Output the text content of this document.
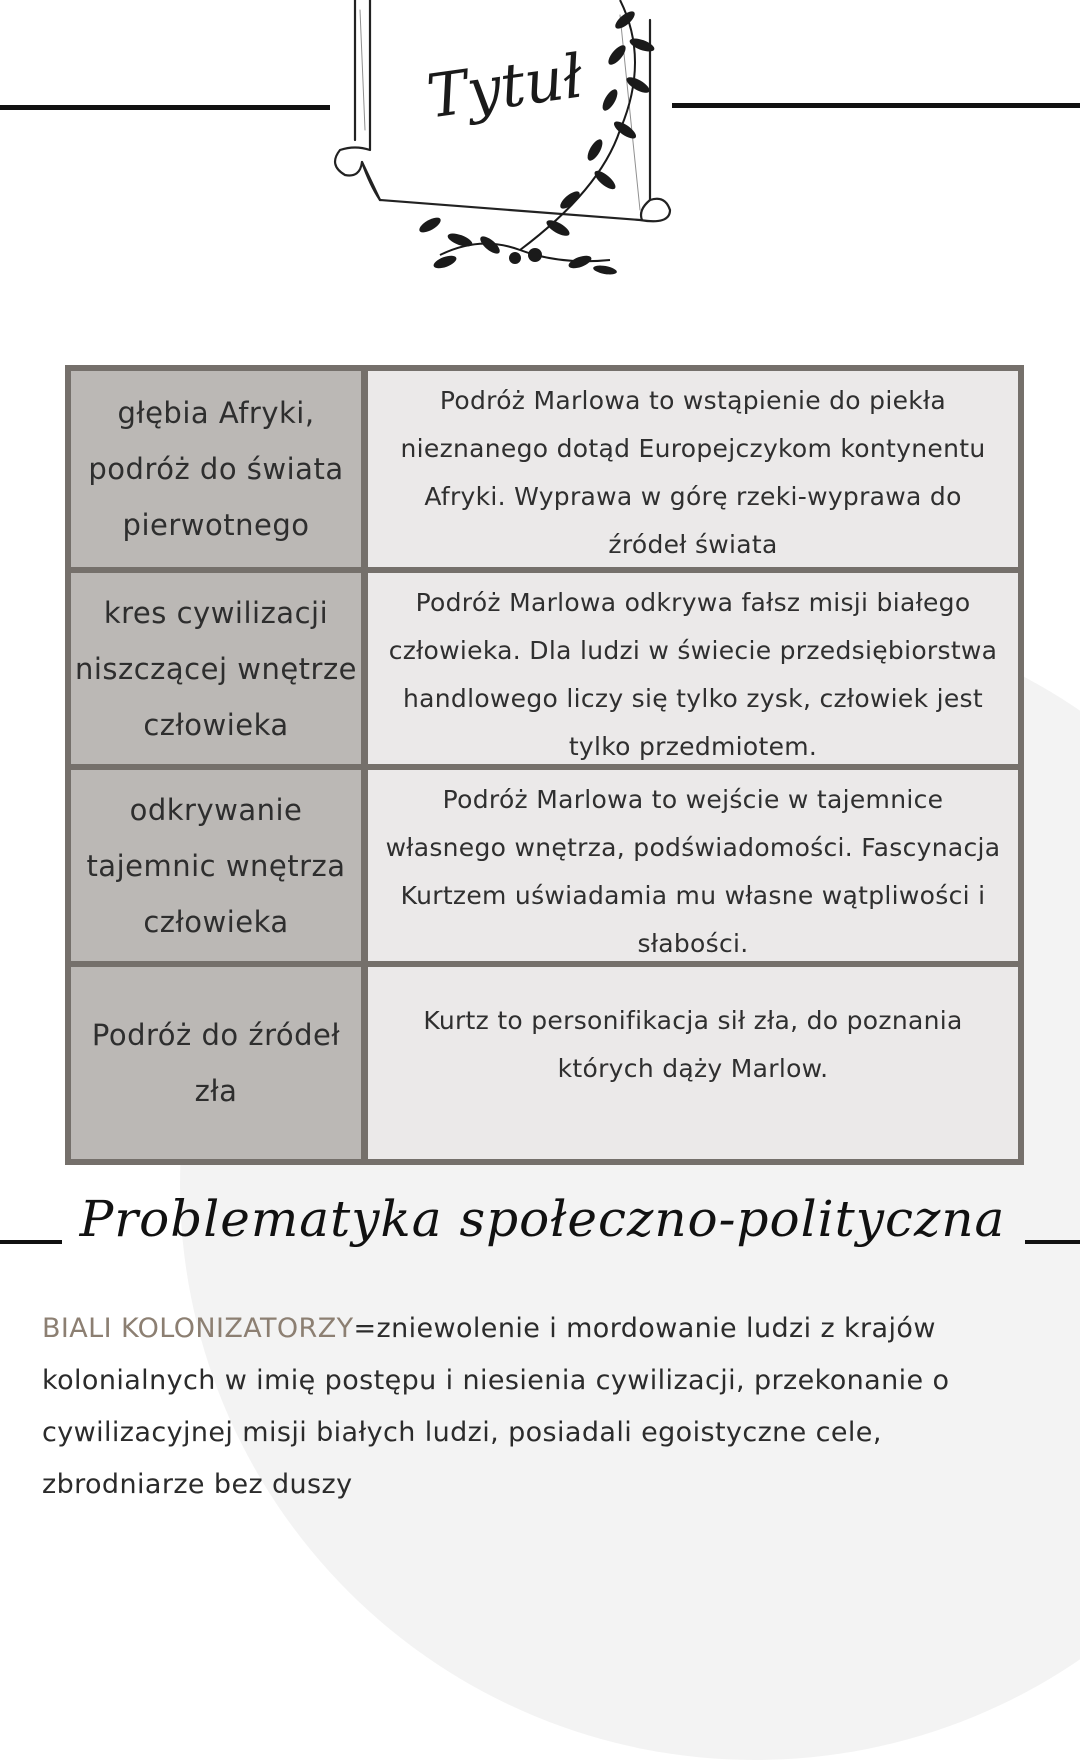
Tytuł
głębia Afryki, podróż do świata pierwotnego
Podróż Marlowa to wstąpienie do piekła nieznanego dotąd Europejczykom kontynentu Afryki. Wyprawa w górę rzeki-wyprawa do źródeł świata
kres cywilizacji niszczącej wnętrze człowieka
Podróż Marlowa odkrywa fałsz misji białego człowieka. Dla ludzi w świecie przedsiębiorstwa handlowego liczy się tylko zysk, człowiek jest tylko przedmiotem.
odkrywanie tajemnic wnętrza człowieka
Podróż Marlowa to wejście w tajemnice własnego wnętrza, podświadomości. Fascynacja Kurtzem uświadamia mu własne wątpliwości i słabości.
Podróż do źródeł zła
Kurtz to personifikacja sił zła, do poznania których dąży Marlow.
Problematyka społeczno-polityczna
BIALI KOLONIZATORZY=zniewolenie i mordowanie ludzi z krajów kolonialnych w imię postępu i niesienia cywilizacji, przekonanie o cywilizacyjnej misji białych ludzi, posiadali egoistyczne cele, zbrodniarze bez duszy
